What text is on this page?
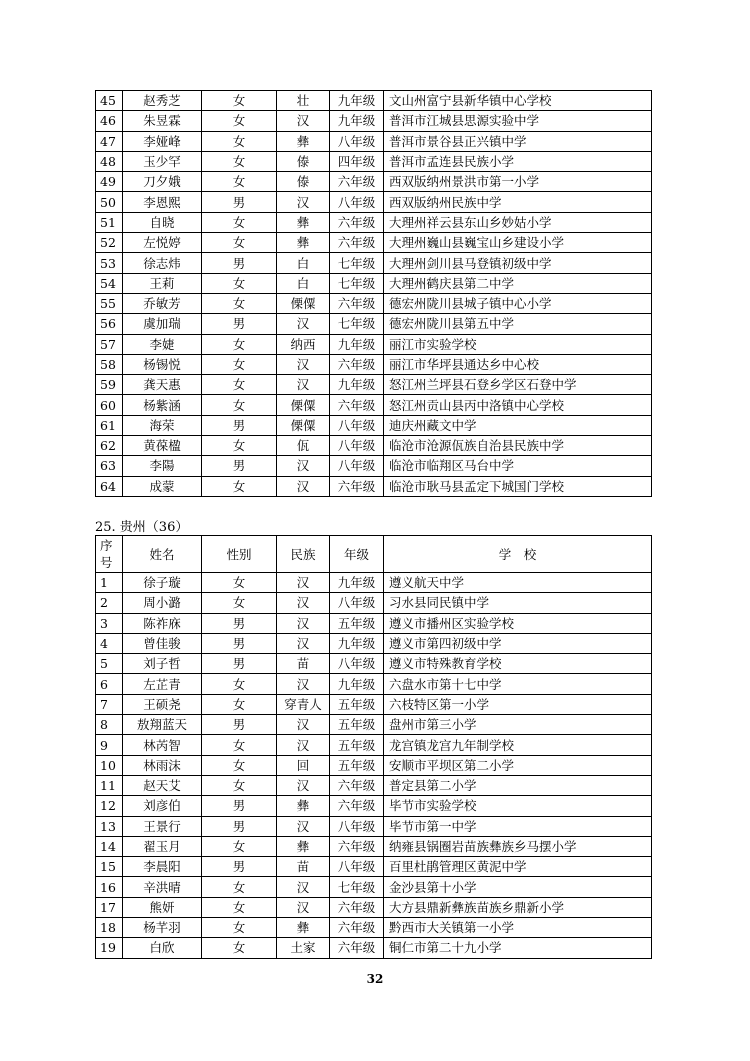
45	赵秀芝	女	壮	九年级	文山州富宁县新华镇中心学校
46	朱昱霖	女	汉	九年级	普洱市江城县思源实验中学
47	李娅峰	女	彝	八年级	普洱市景谷县正兴镇中学
48	玉少罕	女	傣	四年级	普洱市孟连县民族小学
49	刀夕娥	女	傣	六年级	西双版纳州景洪市第一小学
50	李恩熙	男	汉	八年级	西双版纳州民族中学
51	自晓	女	彝	六年级	大理州祥云县东山乡妙姑小学
52	左悦婷	女	彝	六年级	大理州巍山县巍宝山乡建设小学
53	徐志炜	男	白	七年级	大理州剑川县马登镇初级中学
54	王莉	女	白	七年级	大理州鹤庆县第二中学
55	乔敏芳	女	傈僳	六年级	德宏州陇川县城子镇中心小学
56	虞加瑞	男	汉	七年级	德宏州陇川县第五中学
57	李婕	女	纳西	九年级	丽江市实验学校
58	杨锡悦	女	汉	六年级	丽江市华坪县通达乡中心校
59	龚天惠	女	汉	九年级	怒江州兰坪县石登乡学区石登中学
60	杨紫涵	女	傈僳	六年级	怒江州贡山县丙中洛镇中心学校
61	海荣	男	傈僳	八年级	迪庆州藏文中学
62	黄葆楹	女	佤	八年级	临沧市沧源佤族自治县民族中学
63	李陽	男	汉	八年级	临沧市临翔区马台中学
64	成蒙	女	汉	六年级	临沧市耿马县孟定下城国门学校
25. 贵州（36）
序号	姓名	性别	民族	年级	学　校
1	徐子璇	女	汉	九年级	遵义航天中学
2	周小潞	女	汉	八年级	习水县同民镇中学
3	陈祚庥	男	汉	五年级	遵义市播州区实验学校
4	曾佳骏	男	汉	九年级	遵义市第四初级中学
5	刘子哲	男	苗	八年级	遵义市特殊教育学校
6	左芷青	女	汉	九年级	六盘水市第十七中学
7	王硕尧	女	穿青人	五年级	六枝特区第一小学
8	敖翔蓝天	男	汉	五年级	盘州市第三小学
9	林芮智	女	汉	五年级	龙宫镇龙宫九年制学校
10	林雨沫	女	回	五年级	安顺市平坝区第二小学
11	赵天艾	女	汉	六年级	普定县第二小学
12	刘彦伯	男	彝	六年级	毕节市实验学校
13	王景行	男	汉	八年级	毕节市第一中学
14	翟玉月	女	彝	六年级	纳雍县锅圈岩苗族彝族乡马摆小学
15	李晨阳	男	苗	八年级	百里杜鹃管理区黄泥中学
16	辛洪晴	女	汉	七年级	金沙县第十小学
17	熊妍	女	汉	六年级	大方县鼎新彝族苗族乡鼎新小学
18	杨芊羽	女	彝	六年级	黔西市大关镇第一小学
19	白欣	女	土家	六年级	铜仁市第二十九小学
32
